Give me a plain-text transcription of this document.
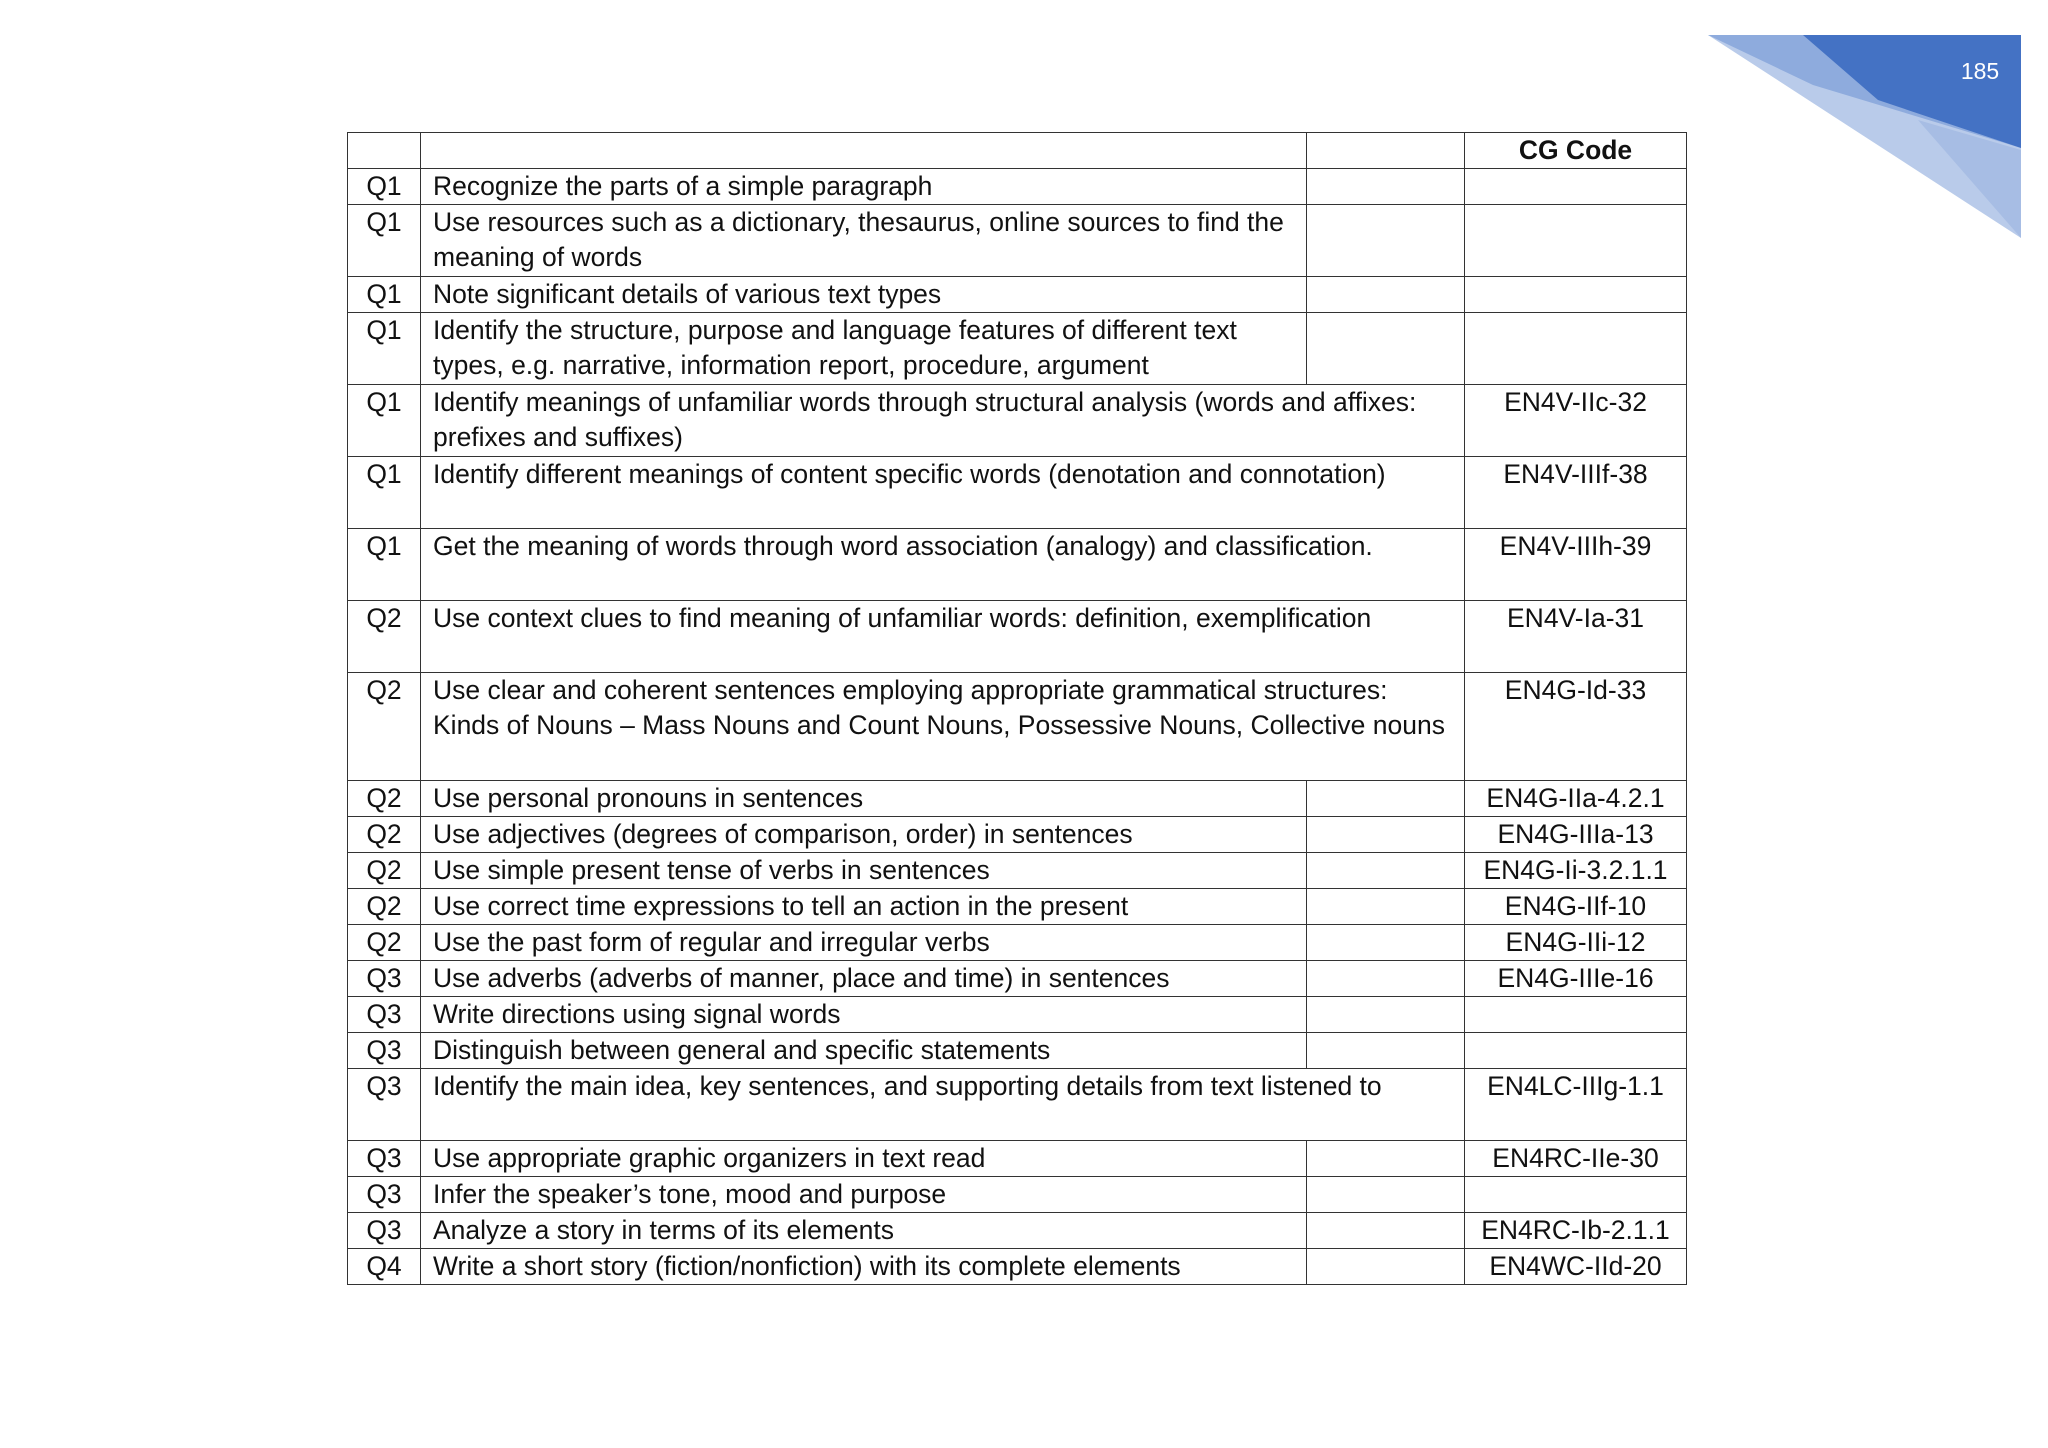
185
			CG Code
Q1	Recognize the parts of a simple paragraph		
Q1	Use resources such as a dictionary, thesaurus, online sources to find the meaning of words		
Q1	Note significant details of various text types		
Q1	Identify the structure, purpose and language features of different text types, e.g. narrative, information report, procedure, argument		
Q1	Identify meanings of unfamiliar words through structural analysis (words and affixes: prefixes and suffixes)		EN4V-IIc-32
Q1	Identify different meanings of content specific words (denotation and connotation)		EN4V-IIIf-38
Q1	Get the meaning of words through word association (analogy) and classification.		EN4V-IIIh-39
Q2	Use context clues to find meaning of unfamiliar words: definition, exemplification		EN4V-Ia-31
Q2	Use clear and coherent sentences employing appropriate grammatical structures: Kinds of Nouns – Mass Nouns and Count Nouns, Possessive Nouns, Collective nouns		EN4G-Id-33
Q2	Use personal pronouns in sentences		EN4G-IIa-4.2.1
Q2	Use adjectives (degrees of comparison, order) in sentences		EN4G-IIIa-13
Q2	Use simple present tense of verbs in sentences		EN4G-Ii-3.2.1.1
Q2	Use correct time expressions to tell an action in the present		EN4G-IIf-10
Q2	Use the past form of regular and irregular verbs		EN4G-IIi-12
Q3	Use adverbs (adverbs of manner, place and time) in sentences		EN4G-IIIe-16
Q3	Write directions using signal words		
Q3	Distinguish between general and specific statements		
Q3	Identify the main idea, key sentences, and supporting details from text listened to		EN4LC-IIIg-1.1
Q3	Use appropriate graphic organizers in text read		EN4RC-IIe-30
Q3	Infer the speaker’s tone, mood and purpose		
Q3	Analyze a story in terms of its elements		EN4RC-Ib-2.1.1
Q4	Write a short story (fiction/nonfiction) with its complete elements		EN4WC-IId-20
